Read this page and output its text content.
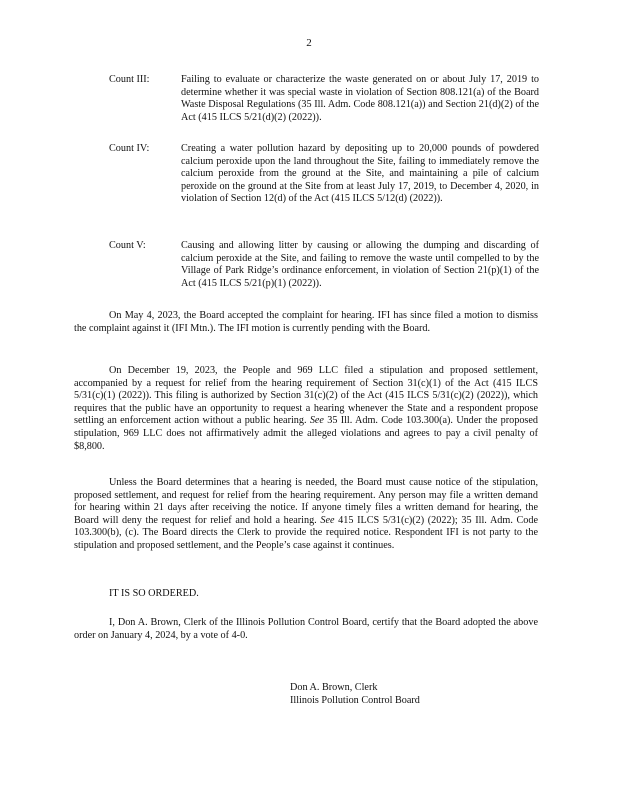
2
Count III:	Failing to evaluate or characterize the waste generated on or about July 17, 2019 to determine whether it was special waste in violation of Section 808.121(a) of the Board Waste Disposal Regulations (35 Ill. Adm. Code 808.121(a)) and Section 21(d)(2) of the Act (415 ILCS 5/21(d)(2) (2022)).
Count IV:	Creating a water pollution hazard by depositing up to 20,000 pounds of powdered calcium peroxide upon the land throughout the Site, failing to immediately remove the calcium peroxide from the ground at the Site, and maintaining a pile of calcium peroxide on the ground at the Site from at least July 17, 2019, to December 4, 2020, in violation of Section 12(d) of the Act (415 ILCS 5/12(d) (2022)).
Count V:	Causing and allowing litter by causing or allowing the dumping and discarding of calcium peroxide at the Site, and failing to remove the waste until compelled to by the Village of Park Ridge’s ordinance enforcement, in violation of Section 21(p)(1) of the Act (415 ILCS 5/21(p)(1) (2022)).
On May 4, 2023, the Board accepted the complaint for hearing. IFI has since filed a motion to dismiss the complaint against it (IFI Mtn.). The IFI motion is currently pending with the Board.
On December 19, 2023, the People and 969 LLC filed a stipulation and proposed settlement, accompanied by a request for relief from the hearing requirement of Section 31(c)(1) of the Act (415 ILCS 5/31(c)(1) (2022)). This filing is authorized by Section 31(c)(2) of the Act (415 ILCS 5/31(c)(2) (2022)), which requires that the public have an opportunity to request a hearing whenever the State and a respondent propose settling an enforcement action without a public hearing. See 35 Ill. Adm. Code 103.300(a). Under the proposed stipulation, 969 LLC does not affirmatively admit the alleged violations and agrees to pay a civil penalty of $8,800.
Unless the Board determines that a hearing is needed, the Board must cause notice of the stipulation, proposed settlement, and request for relief from the hearing requirement. Any person may file a written demand for hearing within 21 days after receiving the notice. If anyone timely files a written demand for hearing, the Board will deny the request for relief and hold a hearing. See 415 ILCS 5/31(c)(2) (2022); 35 Ill. Adm. Code 103.300(b), (c). The Board directs the Clerk to provide the required notice. Respondent IFI is not party to the stipulation and proposed settlement, and the People’s case against it continues.
IT IS SO ORDERED.
I, Don A. Brown, Clerk of the Illinois Pollution Control Board, certify that the Board adopted the above order on January 4, 2024, by a vote of 4-0.
Don A. Brown, Clerk
Illinois Pollution Control Board
